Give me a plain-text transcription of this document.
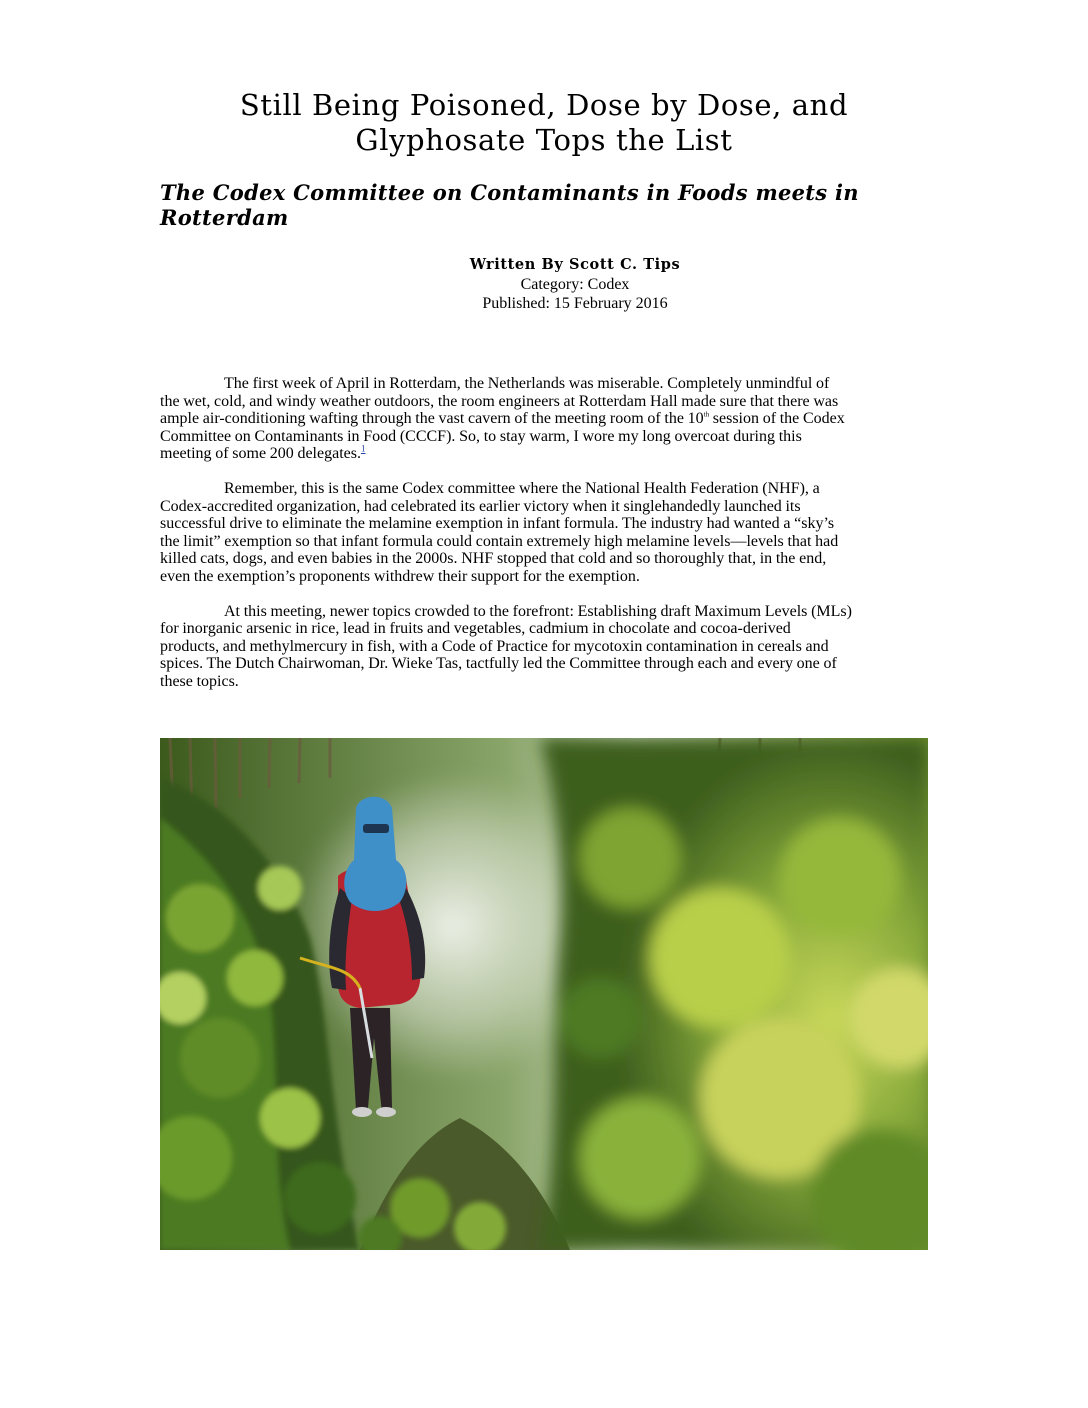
Still Being Poisoned, Dose by Dose, and
Glyphosate Tops the List
The Codex Committee on Contaminants in Foods meets in
Rotterdam
Written By Scott C. Tips
Category: Codex
Published: 15 February 2016

The first week of April in Rotterdam, the Netherlands was miserable. Completely unmindful of
the wet, cold, and windy weather outdoors, the room engineers at Rotterdam Hall made sure that there was
ample air-conditioning wafting through the vast cavern of the meeting room of the 10th session of the Codex
Committee on Contaminants in Food (CCCF). So, to stay warm, I wore my long overcoat during this
meeting of some 200 delegates.$^1$

Remember, this is the same Codex committee where the National Health Federation (NHF), a
Codex-accredited organization, had celebrated its earlier victory when it singlehandedly launched its
successful drive to eliminate the melamine exemption in infant formula. The industry had wanted a “sky’s
the limit” exemption so that infant formula could contain extremely high melamine levels—levels that had
killed cats, dogs, and even babies in the 2000s. NHF stopped that cold and so thoroughly that, in the end,
even the exemption’s proponents withdrew their support for the exemption.

At this meeting, newer topics crowded to the forefront: Establishing draft Maximum Levels (MLs)
for inorganic arsenic in rice, lead in fruits and vegetables, cadmium in chocolate and cocoa-derived
products, and methylmercury in fish, with a Code of Practice for mycotoxin contamination in cereals and
spices. The Dutch Chairwoman, Dr. Wieke Tas, tactfully led the Committee through each and every one of
these topics.
